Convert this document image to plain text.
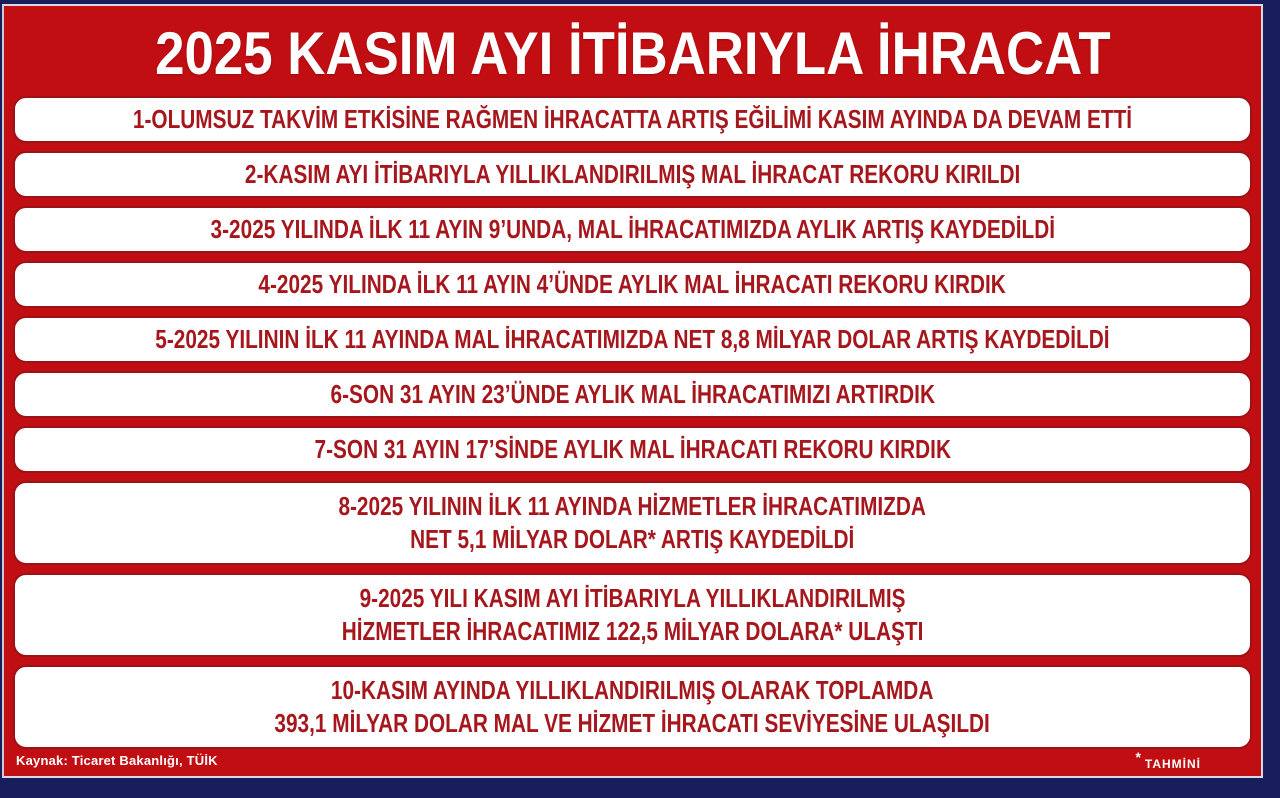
2025 KASIM AYI İTİBARIYLA İHRACAT
1-OLUMSUZ TAKVİM ETKİSİNE RAĞMEN İHRACATTA ARTIŞ EĞİLİMİ KASIM AYINDA DA DEVAM ETTİ
2-KASIM AYI İTİBARIYLA YILLIKLANDIRILMIŞ MAL İHRACAT REKORU KIRILDI
3-2025 YILINDA İLK 11 AYIN 9’UNDA, MAL İHRACATIMIZDA AYLIK ARTIŞ KAYDEDİLDİ
4-2025 YILINDA İLK 11 AYIN 4’ÜNDE AYLIK MAL İHRACATI REKORU KIRDIK
5-2025 YILININ İLK 11 AYINDA MAL İHRACATIMIZDA NET 8,8 MİLYAR DOLAR ARTIŞ KAYDEDİLDİ
6-SON 31 AYIN 23’ÜNDE AYLIK MAL İHRACATIMIZI ARTIRDIK
7-SON 31 AYIN 17’SİNDE AYLIK MAL İHRACATI REKORU KIRDIK
8-2025 YILININ İLK 11 AYINDA HİZMETLER İHRACATIMIZDA
NET 5,1 MİLYAR DOLAR* ARTIŞ KAYDEDİLDİ
9-2025 YILI KASIM AYI İTİBARIYLA YILLIKLANDIRILMIŞ
HİZMETLER İHRACATIMIZ 122,5 MİLYAR DOLARA* ULAŞTI
10-KASIM AYINDA YILLIKLANDIRILMIŞ OLARAK TOPLAMDA
393,1 MİLYAR DOLAR MAL VE HİZMET İHRACATI SEVİYESİNE ULAŞILDI
Kaynak: Ticaret Bakanlığı, TÜİK	* TAHMİNİ
